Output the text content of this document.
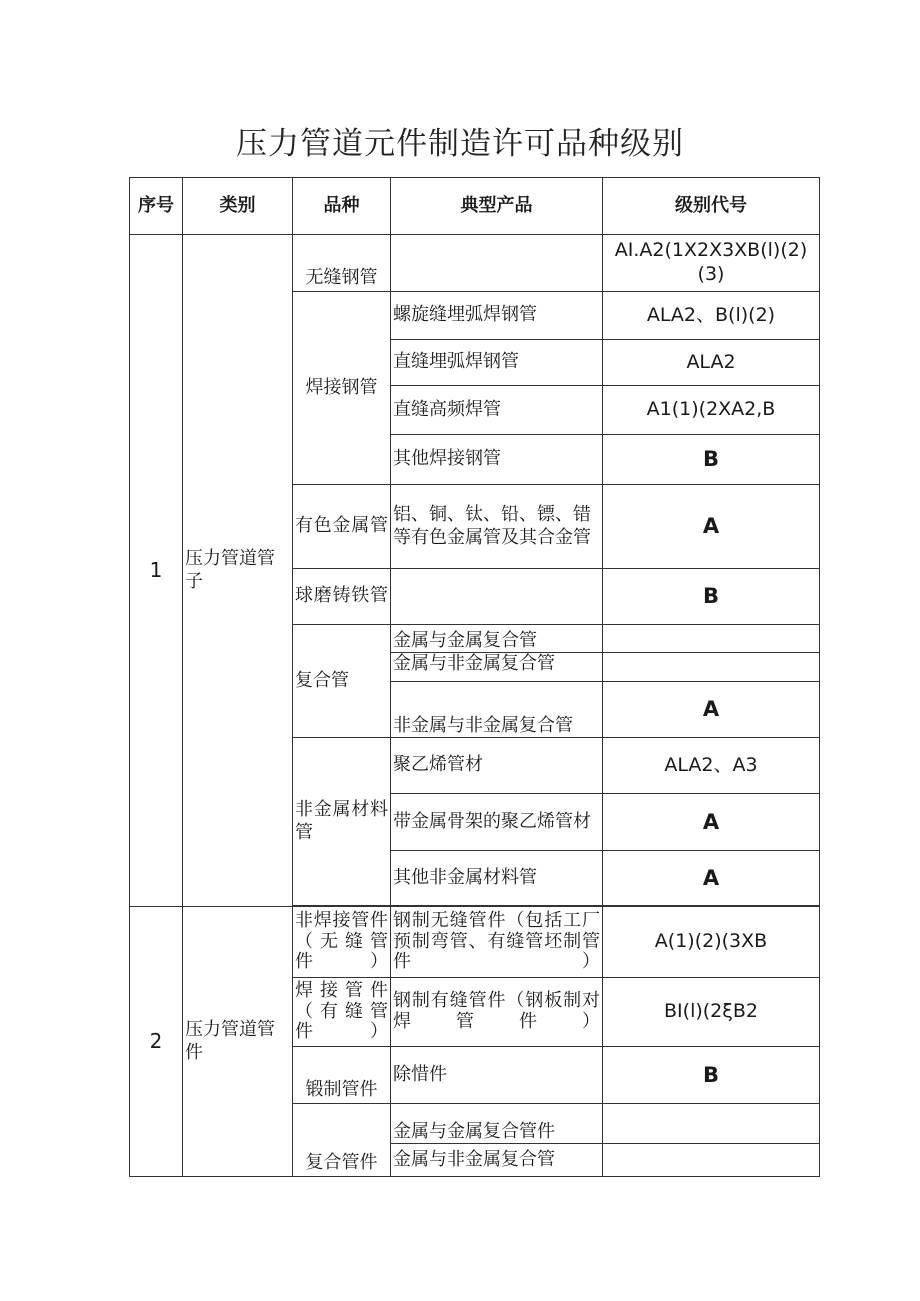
压力管道元件制造许可品种级别
序号	类别	品种	典型产品	级别代号
1	压力管道管子	无缝钢管		AI.A2(1X2X3XB(l)(2)(3)
		焊接钢管	螺旋缝埋弧焊钢管	ALA2、B(l)(2)
			直缝埋弧焊钢管	ALA2
			直缝高频焊管	A1(1)(2XA2,B
			其他焊接钢管	B
		有色金属管	铝、铜、钛、铅、镖、错等有色金属管及其合金管	A
		球磨铸铁管		B
		复合管	金属与金属复合管	
			金属与非金属复合管	
			非金属与非金属复合管	A
		非金属材料管	聚乙烯管材	ALA2、A3
			带金属骨架的聚乙烯管材	A
			其他非金属材料管	A

2	压力管道管件	非焊接管件（无缝管件）	钢制无缝管件（包括工厂预制弯管、有缝管坯制管件）	A(1)(2)(3XB
		焊接管件（有缝管件）	钢制有缝管件（钢板制对焊管件）	BI(l)(2ξB2
		锻制管件	除惜件	B
		复合管件	金属与金属复合管件	
			金属与非金属复合管	
